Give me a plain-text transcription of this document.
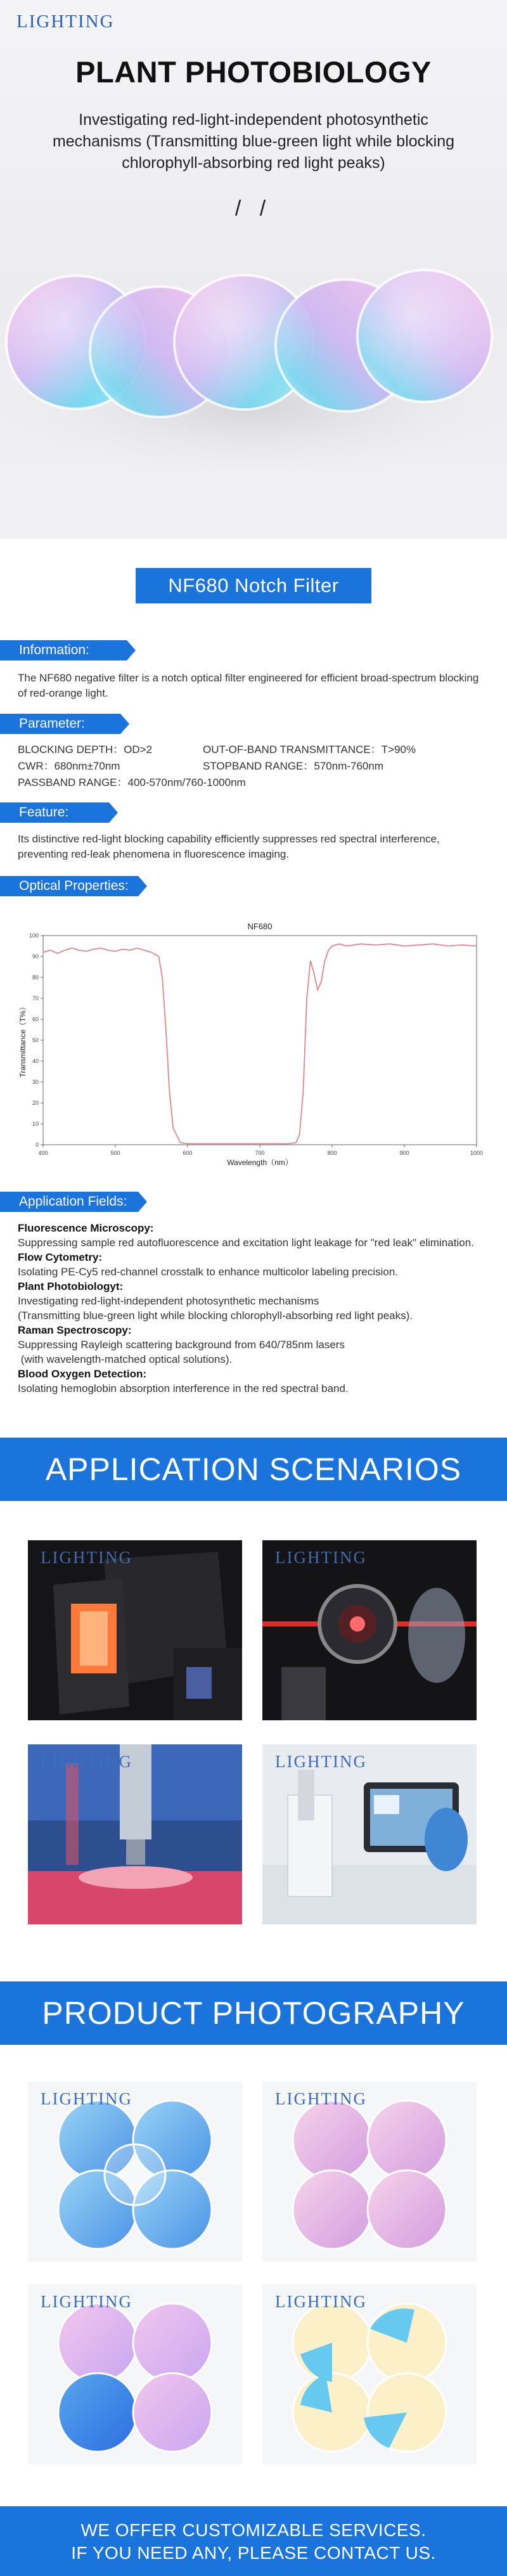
LIGHTING
PLANT PHOTOBIOLOGY
Investigating red-light-independent photosynthetic mechanisms (Transmitting blue-green light while blocking chlorophyll-absorbing red light peaks)
/ /
NF680 Notch Filter
Information:
The NF680 negative filter is a notch optical filter engineered for efficient broad-spectrum blocking of red-orange light.
Parameter:
BLOCKING DEPTH：OD>2	OUT-OF-BAND TRANSMITTANCE：T>90%
CWR：680nm±70nm	STOPBAND RANGE：570nm-760nm
PASSBAND RANGE：400-570nm/760-1000nm
Feature:
Its distinctive red-light blocking capability efficiently suppresses red spectral interference, preventing red-leak phenomena in fluorescence imaging.
Optical Properties:
NF680
Wavelength（nm）
Transmittance（T%）
400	500	600	700	800	900	1000
0
10
20
30
40
50
60
70
80
90
100
Application Fields:
Fluorescence Microscopy:
Suppressing sample red autofluorescence and excitation light leakage for "red leak" elimination.
Flow Cytometry:
Isolating PE-Cy5 red-channel crosstalk to enhance multicolor labeling precision.
Plant Photobiologyt:
Investigating red-light-independent photosynthetic mechanisms
(Transmitting blue-green light while blocking chlorophyll-absorbing red light peaks).
Raman Spectroscopy:
Suppressing Rayleigh scattering background from 640/785nm lasers
(with wavelength-matched optical solutions).
Blood Oxygen Detection:
Isolating hemoglobin absorption interference in the red spectral band.
APPLICATION SCENARIOS
LIGHTING	LIGHTING
LIGHTING	LIGHTING
PRODUCT PHOTOGRAPHY
LIGHTING	LIGHTING
LIGHTING	LIGHTING
WE OFFER CUSTOMIZABLE SERVICES.
IF YOU NEED ANY, PLEASE CONTACT US.
